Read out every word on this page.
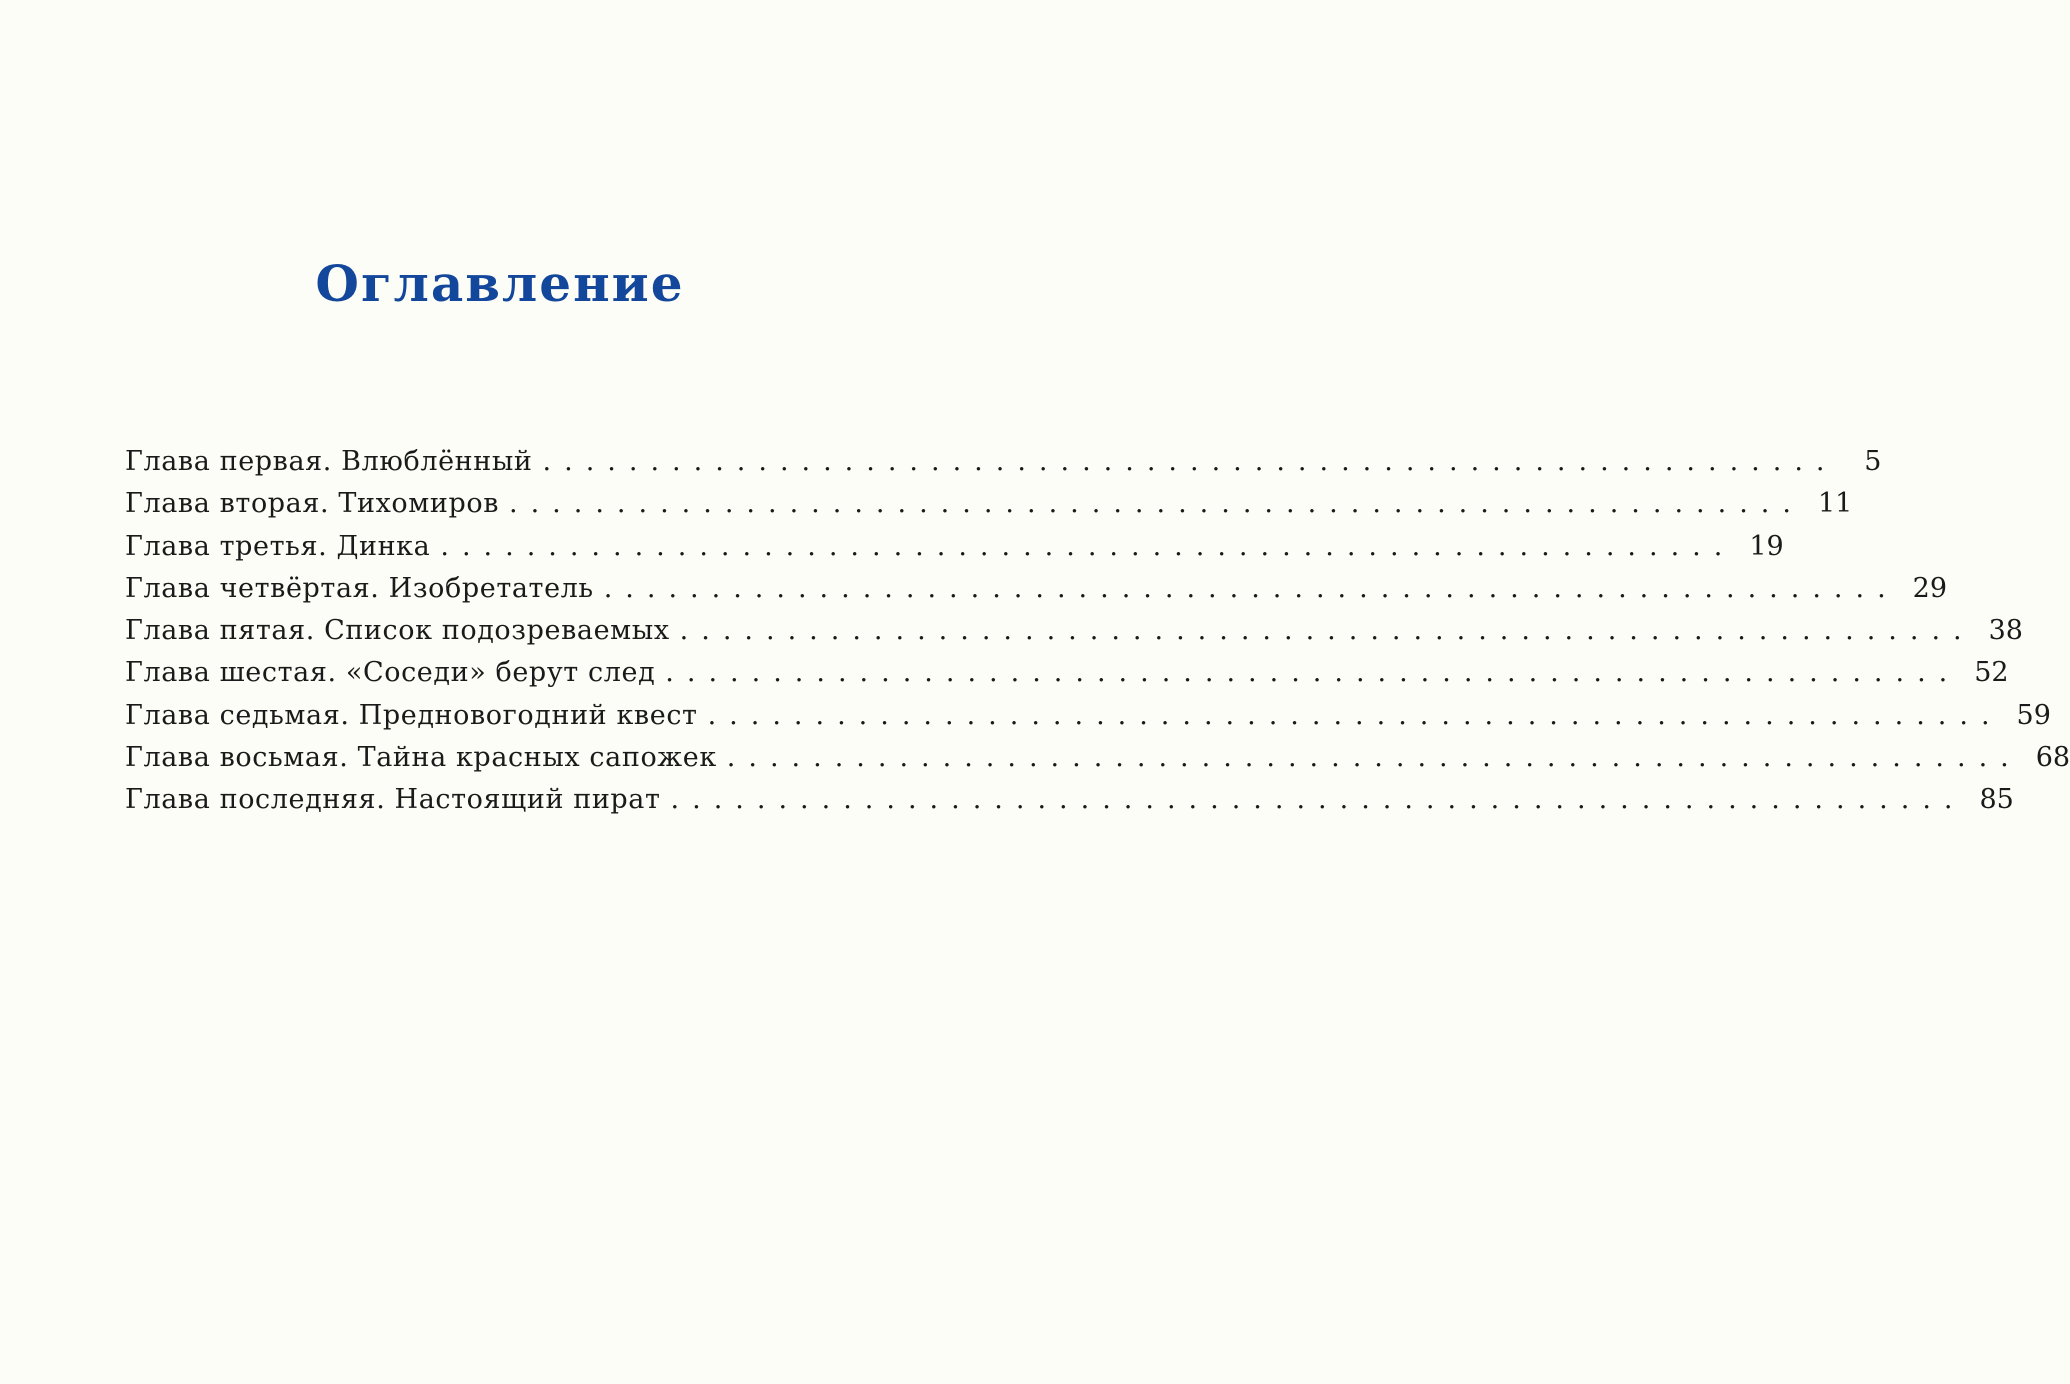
Оглавление
Глава первая. Влюблённый ............................................................ 5
Глава вторая. Тихомиров ............................................................ 11
Глава третья. Динка ............................................................ 19
Глава четвёртая. Изобретатель ............................................................ 29
Глава пятая. Список подозреваемых ............................................................ 38
Глава шестая. «Соседи» берут след ............................................................ 52
Глава седьмая. Предновогодний квест ............................................................ 59
Глава восьмая. Тайна красных сапожек ............................................................ 68
Глава последняя. Настоящий пират ............................................................ 85
